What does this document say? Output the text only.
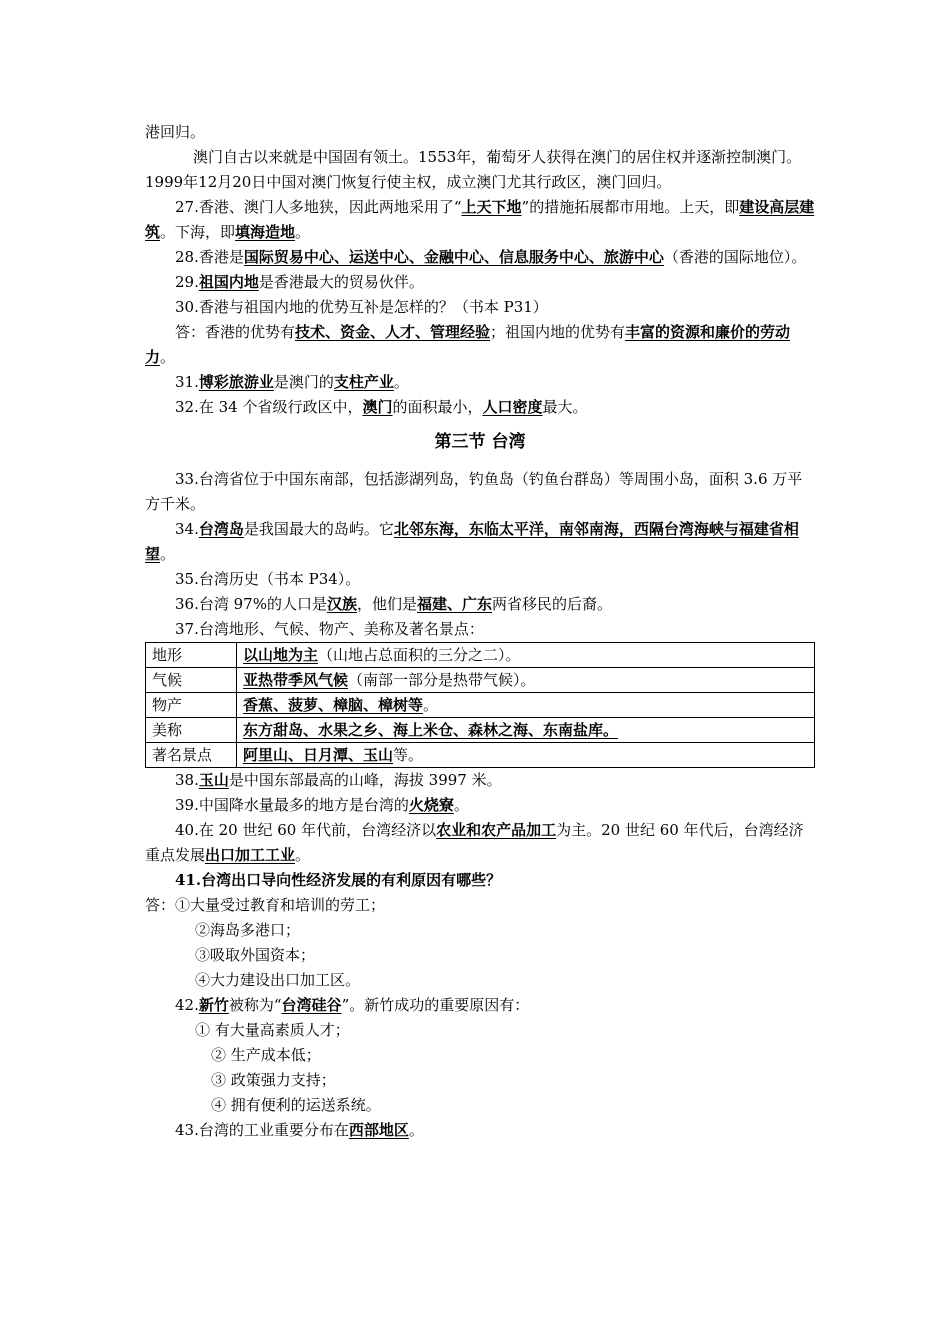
港回归。

澳门自古以来就是中国固有领土。1553年，葡萄牙人获得在澳门的居住权并逐渐控制澳门。1999年12月20日中国对澳门恢复行使主权，成立澳门尤其行政区，澳门回归。

27.香港、澳门人多地狭，因此两地采用了“上天下地”的措施拓展都市用地。上天，即建设高层建筑。下海，即填海造地。

28.香港是国际贸易中心、运送中心、金融中心、信息服务中心、旅游中心（香港的国际地位）。

29.祖国内地是香港最大的贸易伙伴。

30.香港与祖国内地的优势互补是怎样的？（书本 P31）

答：香港的优势有技术、资金、人才、管理经验；祖国内地的优势有丰富的资源和廉价的劳动力。

31.博彩旅游业是澳门的支柱产业。

32.在 34 个省级行政区中，澳门的面积最小，人口密度最大。

第三节 台湾

33.台湾省位于中国东南部，包括澎湖列岛，钓鱼岛（钓鱼台群岛）等周围小岛，面积 3.6 万平方千米。

34.台湾岛是我国最大的岛屿。它北邻东海，东临太平洋，南邻南海，西隔台湾海峡与福建省相望。

35.台湾历史（书本 P34）。

36.台湾 97%的人口是汉族，他们是福建、广东两省移民的后裔。

37.台湾地形、气候、物产、美称及著名景点：

地形	以山地为主（山地占总面积的三分之二）。
气候	亚热带季风气候（南部一部分是热带气候）。
物产	香蕉、菠萝、樟脑、樟树等。
美称	东方甜岛、水果之乡、海上米仓、森林之海、东南盐库。
著名景点	阿里山、日月潭、玉山等。

38.玉山是中国东部最高的山峰，海拔 3997 米。

39.中国降水量最多的地方是台湾的火烧寮。

40.在 20 世纪 60 年代前，台湾经济以农业和农产品加工为主。20 世纪 60 年代后，台湾经济重点发展出口加工工业。

41.台湾出口导向性经济发展的有利原因有哪些？

答：①大量受过教育和培训的劳工；

②海岛多港口；

③吸取外国资本；

④大力建设出口加工区。

42.新竹被称为“台湾硅谷”。新竹成功的重要原因有：

① 有大量高素质人才；

② 生产成本低；

③ 政策强力支持；

④ 拥有便利的运送系统。

43.台湾的工业重要分布在西部地区。
